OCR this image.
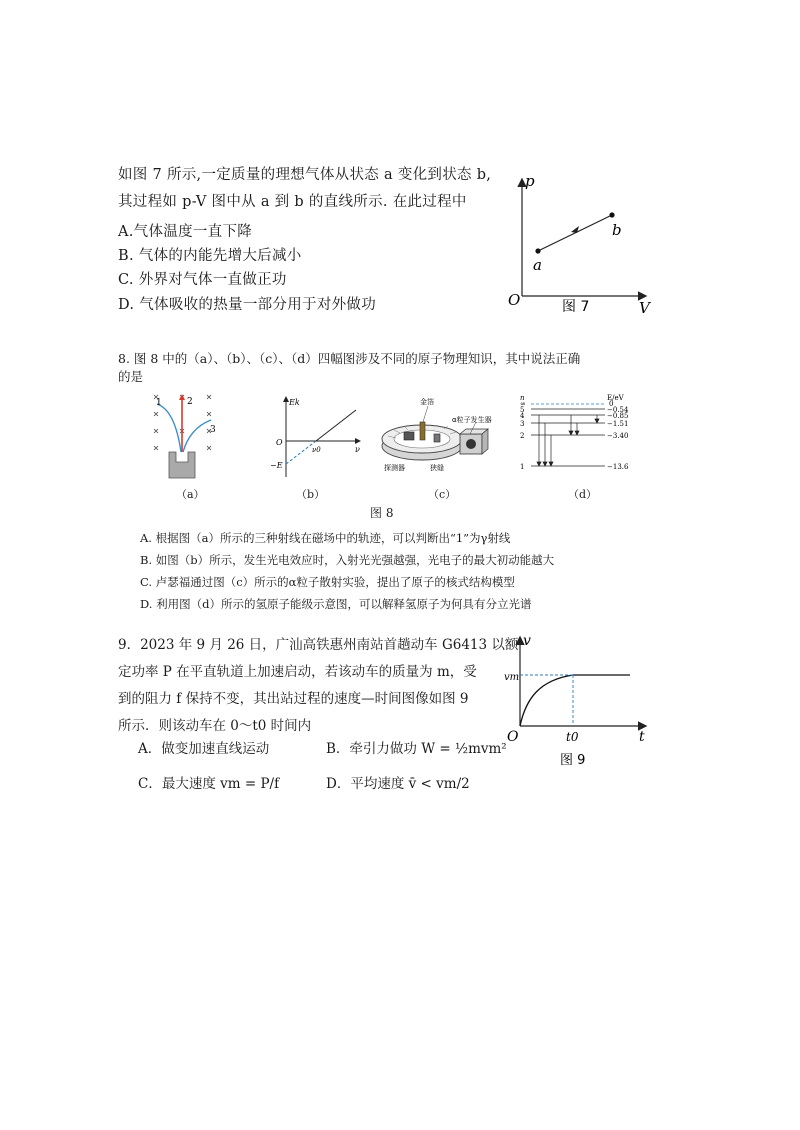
如图 7 所示,一定质量的理想气体从状态 a 变化到状态 b,
其过程如 p-V 图中从 a 到 b 的直线所示. 在此过程中
A.气体温度一直下降
B. 气体的内能先增大后减小
C. 外界对气体一直做正功
D. 气体吸收的热量一部分用于对外做功
p
V
O
a
b
图 7
8. 图 8 中的（a）、（b）、（c）、（d）四幅图涉及不同的原子物理知识，其中说法正确
的是
1	2
3
（a）
Ek
ν
O
ν0
−E
（b）
金箔
α粒子发生器
探测器	狭缝
（c）
n	E/eV
∞	0
5	−0.54
4	−0.85
3	−1.51
2	−3.40
1	−13.6
（d）
图 8
A. 根据图（a）所示的三种射线在磁场中的轨迹，可以判断出“1”为γ射线
B. 如图（b）所示，发生光电效应时，入射光光强越强，光电子的最大初动能越大
C. 卢瑟福通过图（c）所示的α粒子散射实验，提出了原子的核式结构模型
D. 利用图（d）所示的氢原子能级示意图，可以解释氢原子为何具有分立光谱
9．2023 年 9 月 26 日，广汕高铁惠州南站首趟动车 G6413 以额
定功率 P 在平直轨道上加速启动，若该动车的质量为 m，受
到的阻力 f 保持不变，其出站过程的速度—时间图像如图 9
所示．则该动车在 0～t0 时间内
A．做变加速直线运动	B．牵引力做功 W = ½mvm²
C．最大速度 vm = P/f	D．平均速度 v̄ < vm/2
v
t
O
vm
t0
图 9
